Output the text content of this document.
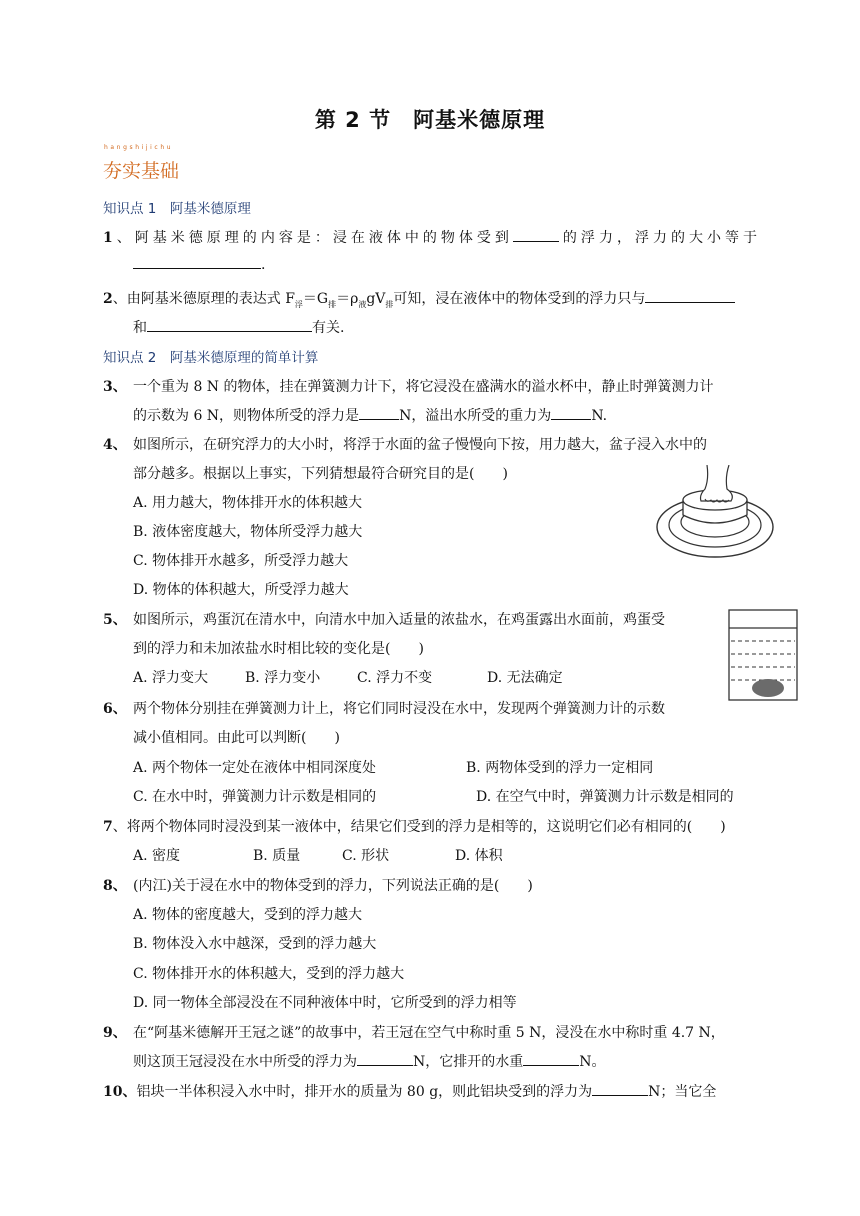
第 2 节　阿基米德原理
hangshijichu
夯实基础
知识点 1　阿基米德原理
1、阿基米德原理的内容是：浸在液体中的物体受到	的浮力，浮力的大小等于
.
2、由阿基米德原理的表达式 $F_浮=G_排=\rho_液gV_排$可知，浸在液体中的物体受到的浮力只与
和	有关.
知识点 2　阿基米德原理的简单计算
3、 一个重为 8 N 的物体，挂在弹簧测力计下，将它浸没在盛满水的溢水杯中，静止时弹簧测力计
的示数为 6 N，则物体所受的浮力是	N，溢出水所受的重力为	N.
4、 如图所示，在研究浮力的大小时，将浮于水面的盆子慢慢向下按，用力越大，盆子浸入水中的
部分越多。根据以上事实，下列猜想最符合研究目的是(　　)
A. 用力越大，物体排开水的体积越大
B. 液体密度越大，物体所受浮力越大
C. 物体排开水越多，所受浮力越大
D. 物体的体积越大，所受浮力越大
5、 如图所示，鸡蛋沉在清水中，向清水中加入适量的浓盐水，在鸡蛋露出水面前，鸡蛋受
到的浮力和未加浓盐水时相比较的变化是(　　)
A. 浮力变大	B. 浮力变小	C. 浮力不变	D. 无法确定
6、 两个物体分别挂在弹簧测力计上，将它们同时浸没在水中，发现两个弹簧测力计的示数
减小值相同。由此可以判断(　　)
A. 两个物体一定处在液体中相同深度处	B. 两物体受到的浮力一定相同
C. 在水中时，弹簧测力计示数是相同的	D. 在空气中时，弹簧测力计示数是相同的
7、将两个物体同时浸没到某一液体中，结果它们受到的浮力是相等的，这说明它们必有相同的(　　)
A. 密度	B. 质量	C. 形状	D. 体积
8、 (内江)关于浸在水中的物体受到的浮力，下列说法正确的是(　　)
A. 物体的密度越大，受到的浮力越大
B. 物体没入水中越深，受到的浮力越大
C. 物体排开水的体积越大，受到的浮力越大
D. 同一物体全部浸没在不同种液体中时，它所受到的浮力相等
9、 在“阿基米德解开王冠之谜”的故事中，若王冠在空气中称时重 5 N，浸没在水中称时重 4.7 N，
则这顶王冠浸没在水中所受的浮力为	N，它排开的水重	N。
10、铝块一半体积浸入水中时，排开水的质量为 80 g，则此铝块受到的浮力为	N；当它全
